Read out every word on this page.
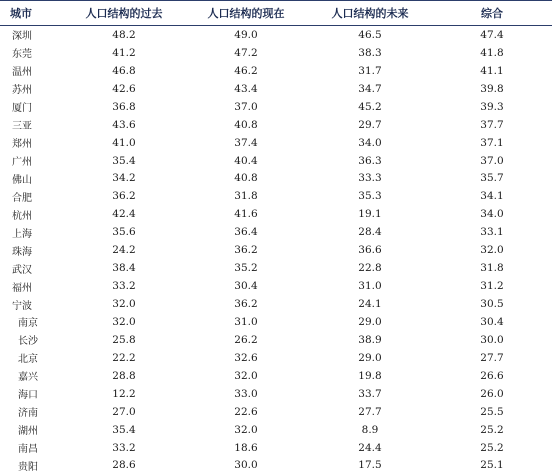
城市	人口结构的过去	人口结构的现在	人口结构的未来	综合
深圳	48.2	49.0	46.5	47.4
东莞	41.2	47.2	38.3	41.8
温州	46.8	46.2	31.7	41.1
苏州	42.6	43.4	34.7	39.8
厦门	36.8	37.0	45.2	39.3
三亚	43.6	40.8	29.7	37.7
郑州	41.0	37.4	34.0	37.1
广州	35.4	40.4	36.3	37.0
佛山	34.2	40.8	33.3	35.7
合肥	36.2	31.8	35.3	34.1
杭州	42.4	41.6	19.1	34.0
上海	35.6	36.4	28.4	33.1
珠海	24.2	36.2	36.6	32.0
武汉	38.4	35.2	22.8	31.8
福州	33.2	30.4	31.0	31.2
宁波	32.0	36.2	24.1	30.5
南京	32.0	31.0	29.0	30.4
长沙	25.8	26.2	38.9	30.0
北京	22.2	32.6	29.0	27.7
嘉兴	28.8	32.0	19.8	26.6
海口	12.2	33.0	33.7	26.0
济南	27.0	22.6	27.7	25.5
湖州	35.4	32.0	8.9	25.2
南昌	33.2	18.6	24.4	25.2
贵阳	28.6	30.0	17.5	25.1
